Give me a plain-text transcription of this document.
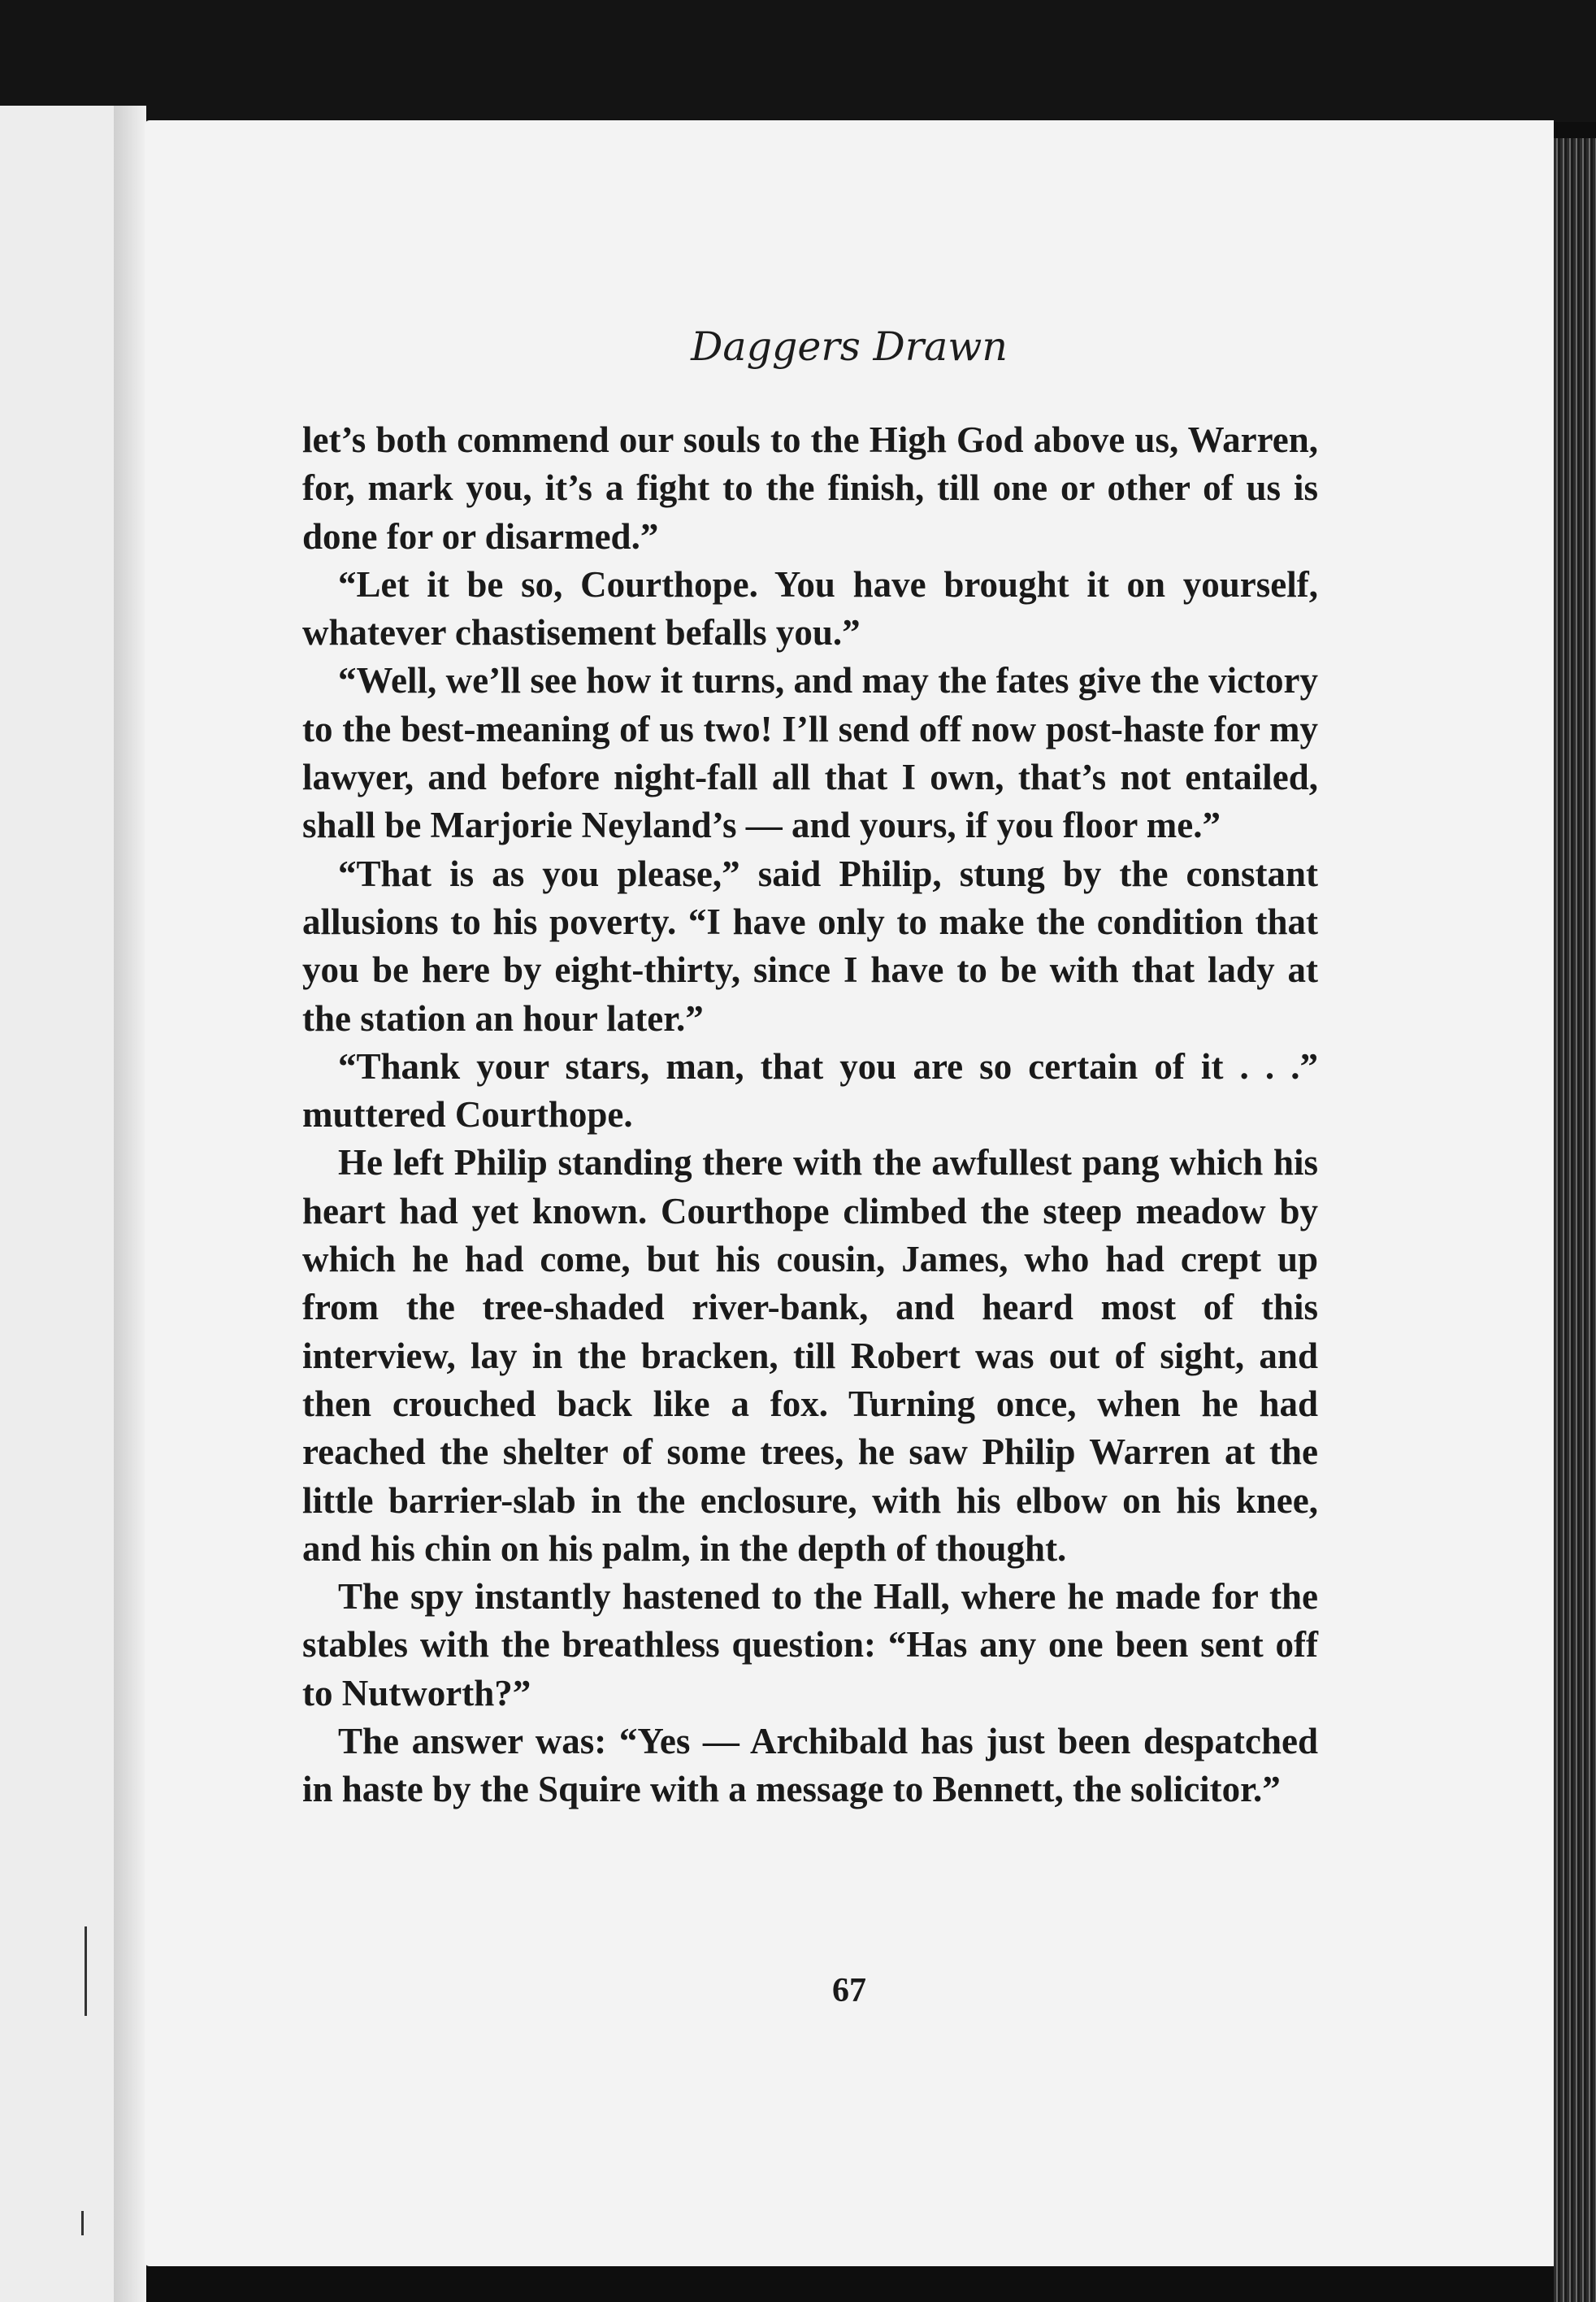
Daggers Drawn

let’s both commend our souls to the High God above us, Warren, for, mark you, it’s a fight to the finish, till one or other of us is done for or disarmed.”

“Let it be so, Courthope. You have brought it on yourself, whatever chastisement befalls you.”

“Well, we’ll see how it turns, and may the fates give the victory to the best-meaning of us two! I’ll send off now post-haste for my lawyer, and before night-fall all that I own, that’s not entailed, shall be Marjorie Neyland’s — and yours, if you floor me.”

“That is as you please,” said Philip, stung by the constant allusions to his poverty. “I have only to make the condition that you be here by eight-thirty, since I have to be with that lady at the station an hour later.”

“Thank your stars, man, that you are so certain of it . . .” muttered Courthope.

He left Philip standing there with the awfullest pang which his heart had yet known. Courthope climbed the steep meadow by which he had come, but his cousin, James, who had crept up from the tree-shaded river-bank, and heard most of this interview, lay in the bracken, till Robert was out of sight, and then crouched back like a fox. Turning once, when he had reached the shelter of some trees, he saw Philip Warren at the little barrier-slab in the enclosure, with his elbow on his knee, and his chin on his palm, in the depth of thought.

The spy instantly hastened to the Hall, where he made for the stables with the breathless question: “Has any one been sent off to Nutworth?”

The answer was: “Yes — Archibald has just been despatched in haste by the Squire with a message to Bennett, the solicitor.”

67
